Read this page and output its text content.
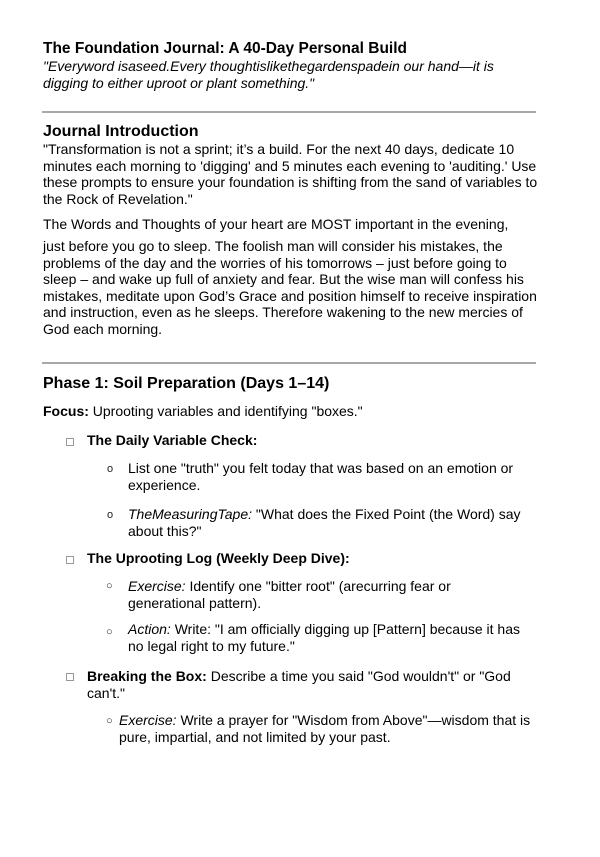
The Foundation Journal: A 40-Day Personal Build
"Everyword isaseed.Every thoughtislikethegardenspadein our hand—it is digging to either uproot or plant something."
Journal Introduction
"Transformation is not a sprint; it’s a build. For the next 40 days, dedicate 10 minutes each morning to 'digging' and 5 minutes each evening to 'auditing.' Use these prompts to ensure your foundation is shifting from the sand of variables to the Rock of Revelation."
The Words and Thoughts of your heart are MOST important in the evening,
just before you go to sleep. The foolish man will consider his mistakes, the problems of the day and the worries of his tomorrows – just before going to sleep – and wake up full of anxiety and fear. But the wise man will confess his mistakes, meditate upon God’s Grace and position himself to receive inspiration and instruction, even as he sleeps. Therefore wakening to the new mercies of God each morning.
Phase 1: Soil Preparation (Days 1–14)
Focus: Uprooting variables and identifying "boxes."
The Daily Variable Check:
o List one "truth" you felt today that was based on an emotion or experience.
o TheMeasuringTape: "What does the Fixed Point (the Word) say about this?"
The Uprooting Log (Weekly Deep Dive):
○ Exercise: Identify one "bitter root" (arecurring fear or generational pattern).
○ Action: Write: "I am officially digging up [Pattern] because it has no legal right to my future."
Breaking the Box: Describe a time you said "God wouldn't" or "God can't."
○ Exercise: Write a prayer for "Wisdom from Above"—wisdom that is pure, impartial, and not limited by your past.
